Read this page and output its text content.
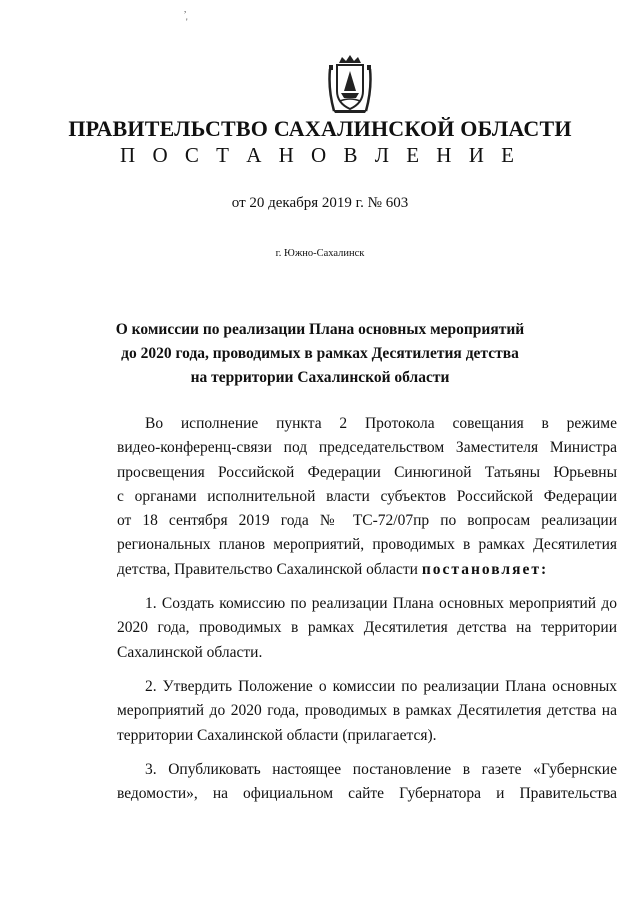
,
'
ПРАВИТЕЛЬСТВО САХАЛИНСКОЙ ОБЛАСТИ
П О С Т А Н О В Л Е Н И Е
от 20 декабря 2019 г. № 603
г. Южно-Сахалинск
О комиссии по реализации Плана основных мероприятий
до 2020 года, проводимых в рамках Десятилетия детства
на территории Сахалинской области

Во исполнение пункта 2 Протокола совещания в режиме

видео-конференц-связи под председательством Заместителя Министра

просвещения Российской Федерации Синюгиной Татьяны Юрьевны

с органами исполнительной власти субъектов Российской Федерации

от 18 сентября 2019 года № ТС-72/07пр по вопросам реализации

региональных планов мероприятий, проводимых в рамках Десятилетия

детства, Правительство Сахалинской области постановляет:

1. Создать комиссию по реализации Плана основных мероприятий до

2020 года, проводимых в рамках Десятилетия детства на территории

Сахалинской области.

2. Утвердить Положение о комиссии по реализации Плана основных

мероприятий до 2020 года, проводимых в рамках Десятилетия детства на

территории Сахалинской области (прилагается).

3. Опубликовать настоящее постановление в газете «Губернские

ведомости», на официальном сайте Губернатора и Правительства
